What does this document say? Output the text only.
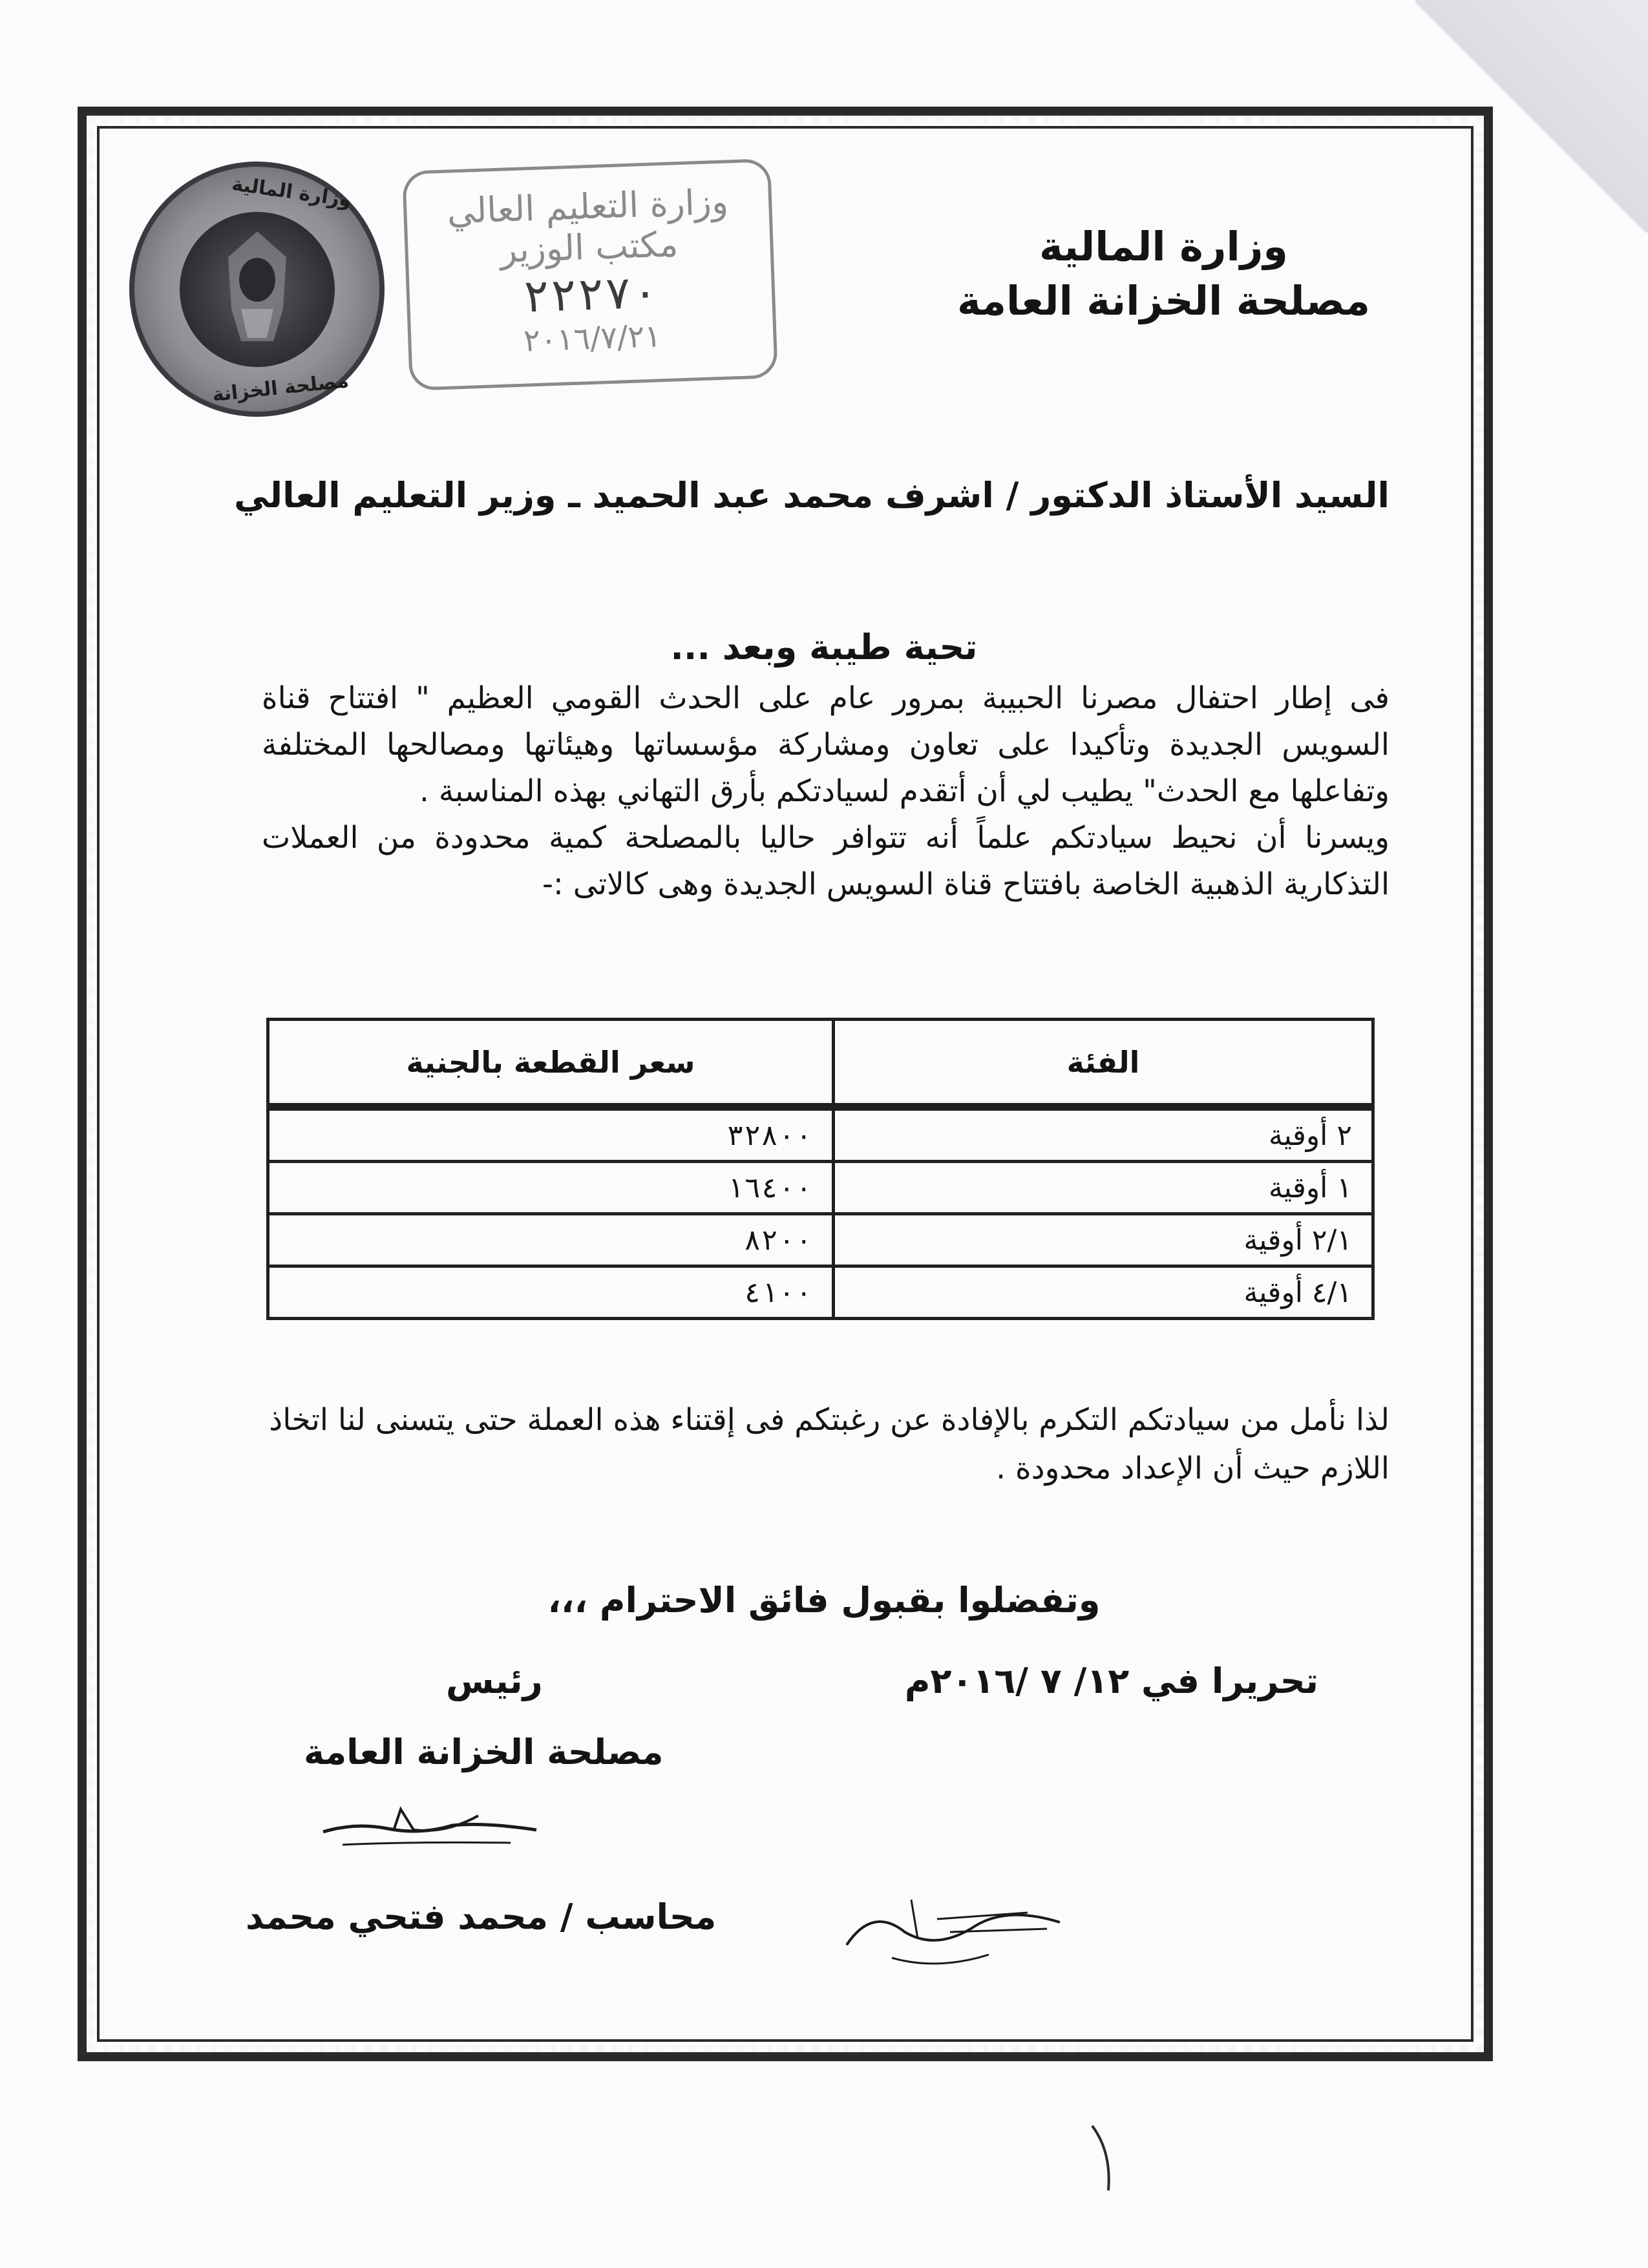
وزارة المالية
مصلحة الخزانة
وزارة التعليم العالي
مكتب الوزير
٢٢٢٧٠
٢٠١٦/٧/٢١
وزارة المالية
مصلحة الخزانة العامة
السيد الأستاذ الدكتور / اشرف محمد عبد الحميد ـ وزير التعليم العالي
تحية طيبة وبعد ...

فى إطار احتفال مصرنا الحبيبة بمرور عام على الحدث القومي العظيم " افتتاح قناة السويس الجديدة وتأكيدا على تعاون ومشاركة مؤسساتها وهيئاتها ومصالحها المختلفة وتفاعلها مع الحدث" يطيب لي أن أتقدم لسيادتكم بأرق التهاني بهذه المناسبة .

ويسرنا أن نحيط سيادتكم علماً أنه تتوافر حاليا بالمصلحة كمية محدودة من العملات التذكارية الذهبية الخاصة بافتتاح قناة السويس الجديدة وهى كالاتى :-

الفئة	سعر القطعة بالجنية
٢ أوقية	٣٢٨٠٠
١ أوقية	١٦٤٠٠
٢/١ أوقية	٨٢٠٠
٤/١ أوقية	٤١٠٠

لذا نأمل من سيادتكم التكرم بالإفادة عن رغبتكم فى إقتناء هذه العملة حتى يتسنى لنا اتخاذ اللازم حيث أن الإعداد محدودة .

وتفضلوا بقبول فائق الاحترام ،،،
تحريرا في ١٢/ ٧ /٢٠١٦م
رئيس
مصلحة الخزانة العامة
محاسب / محمد فتحي محمد
